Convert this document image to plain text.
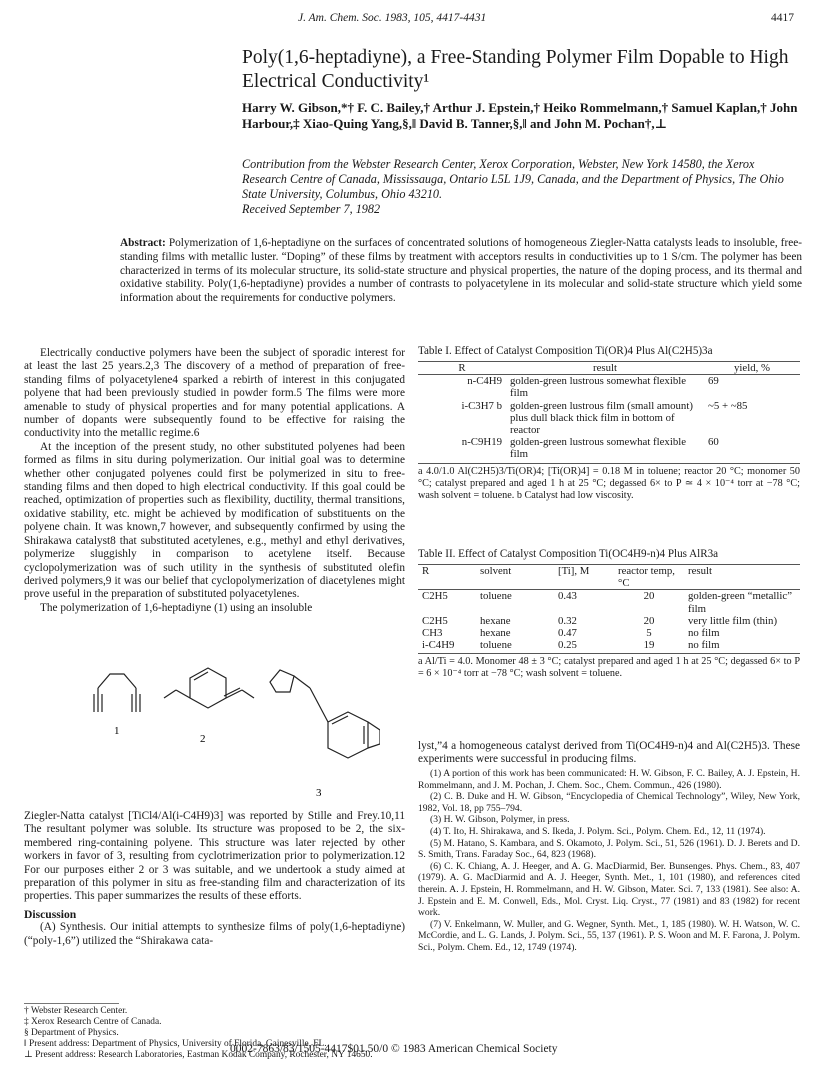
J. Am. Chem. Soc. 1983, 105, 4417-4431	4417
Poly(1,6-heptadiyne), a Free-Standing Polymer Film Dopable to High Electrical Conductivity¹
Harry W. Gibson,*† F. C. Bailey,† Arthur J. Epstein,† Heiko Rommelmann,† Samuel Kaplan,† John Harbour,‡ Xiao-Quing Yang,§,ǁ David B. Tanner,§,ǁ and John M. Pochan†,⊥
Contribution from the Webster Research Center, Xerox Corporation, Webster, New York 14580, the Xerox Research Centre of Canada, Mississauga, Ontario L5L 1J9, Canada, and the Department of Physics, The Ohio State University, Columbus, Ohio 43210.
Received September 7, 1982
Abstract: Polymerization of 1,6-heptadiyne on the surfaces of concentrated solutions of homogeneous Ziegler-Natta catalysts leads to insoluble, free-standing films with metallic luster. “Doping” of these films by treatment with acceptors results in conductivities up to 1 S/cm. The polymer has been characterized in terms of its molecular structure, its solid-state structure and physical properties, the nature of the doping process, and its thermal and oxidative stability. Poly(1,6-heptadiyne) provides a number of contrasts to polyacetylene in its molecular and solid-state structure which yield some information about the requirements for conductive polymers.

Electrically conductive polymers have been the subject of sporadic interest for at least the last 25 years.2,3 The discovery of a method of preparation of free-standing films of polyacetylene4 sparked a rebirth of interest in this conjugated polyene that had been previously studied in powder form.5 The films were more amenable to study of physical properties and for many potential applications. A number of dopants were subsequently found to be effective for raising the conductivity into the metallic regime.6

At the inception of the present study, no other substituted polyenes had been formed as films in situ during polymerization. Our initial goal was to determine whether other conjugated polyenes could first be polymerized in situ to free-standing films and then doped to high electrical conductivity. If this goal could be reached, optimization of properties such as flexibility, ductility, thermal transitions, oxidative stability, etc. might be achieved by modification of substituents on the polyene chain. It was known,7 however, and subsequently confirmed by using the Shirakawa catalyst8 that substituted acetylenes, e.g., methyl and ethyl derivatives, polymerize sluggishly in comparison to acetylene itself. Because cyclopolymerization was of such utility in the synthesis of substituted olefin derived polymers,9 it was our belief that cyclopolymerization of diacetylenes might prove useful in the preparation of substituted polyacetylenes.

The polymerization of 1,6-heptadiyne (1) using an insoluble

1
2
3

Ziegler-Natta catalyst [TiCl4/Al(i-C4H9)3] was reported by Stille and Frey.10,11 The resultant polymer was soluble. Its structure was proposed to be 2, the six-membered ring-containing polyene. This structure was later rejected by other workers in favor of 3, resulting from cyclotrimerization prior to polymerization.12 For our purposes either 2 or 3 was suitable, and we undertook a study aimed at preparation of this polymer in situ as free-standing film and characterization of its properties. This paper summarizes the results of these efforts.

Discussion

(A) Synthesis. Our initial attempts to synthesize films of poly(1,6-heptadiyne) (“poly-1,6”) utilized the “Shirakawa cata-

† Webster Research Center.
‡ Xerox Research Centre of Canada.
§ Department of Physics.
ǁ Present address: Department of Physics, University of Florida, Gainesville, FL.
⊥ Present address: Research Laboratories, Eastman Kodak Company, Rochester, NY 14650.
Table I. Effect of Catalyst Composition Ti(OR)4 Plus Al(C2H5)3a
R	result	yield, %
n-C4H9	golden-green lustrous somewhat flexible film	69
i-C3H7 b	golden-green lustrous film (small amount) plus dull black thick film in bottom of reactor	~5 + ~85
n-C9H19	golden-green lustrous somewhat flexible film	60
a 4.0/1.0 Al(C2H5)3/Ti(OR)4; [Ti(OR)4] = 0.18 M in toluene; reactor 20 °C; monomer 50 °C; catalyst prepared and aged 1 h at 25 °C; degassed 6× to P ≃ 4 × 10⁻⁴ torr at −78 °C; wash solvent = toluene. b Catalyst had low viscosity.
Table II. Effect of Catalyst Composition Ti(OC4H9-n)4 Plus AlR3a
R	solvent	[Ti], M	reactor temp, °C	result
C2H5	toluene	0.43	20	golden-green “metallic” film
C2H5	hexane	0.32	20	very little film (thin)
CH3	hexane	0.47	5	no film
i-C4H9	toluene	0.25	19	no film
a Al/Ti = 4.0. Monomer 48 ± 3 °C; catalyst prepared and aged 1 h at 25 °C; degassed 6× to P = 6 × 10⁻⁴ torr at −78 °C; wash solvent = toluene.
lyst,”4 a homogeneous catalyst derived from Ti(OC4H9-n)4 and Al(C2H5)3. These experiments were successful in producing films.
(1) A portion of this work has been communicated: H. W. Gibson, F. C. Bailey, A. J. Epstein, H. Rommelmann, and J. M. Pochan, J. Chem. Soc., Chem. Commun., 426 (1980).
(2) C. B. Duke and H. W. Gibson, “Encyclopedia of Chemical Technology”, Wiley, New York, 1982, Vol. 18, pp 755–794.
(3) H. W. Gibson, Polymer, in press.
(4) T. Ito, H. Shirakawa, and S. Ikeda, J. Polym. Sci., Polym. Chem. Ed., 12, 11 (1974).
(5) M. Hatano, S. Kambara, and S. Okamoto, J. Polym. Sci., 51, 526 (1961). D. J. Berets and D. S. Smith, Trans. Faraday Soc., 64, 823 (1968).
(6) C. K. Chiang, A. J. Heeger, and A. G. MacDiarmid, Ber. Bunsenges. Phys. Chem., 83, 407 (1979). A. G. MacDiarmid and A. J. Heeger, Synth. Met., 1, 101 (1980), and references cited therein. A. J. Epstein, H. Rommelmann, and H. W. Gibson, Mater. Sci. 7, 133 (1981). See also: A. J. Epstein and E. M. Conwell, Eds., Mol. Cryst. Liq. Cryst., 77 (1981) and 83 (1982) for recent work.
(7) V. Enkelmann, W. Muller, and G. Wegner, Synth. Met., 1, 185 (1980). W. H. Watson, W. C. McCordie, and L. G. Lands, J. Polym. Sci., 55, 137 (1961). P. S. Woon and M. F. Farona, J. Polym. Sci., Polym. Chem. Ed., 12, 1749 (1974).
0002-7863/83/1505-4417$01.50/0 © 1983 American Chemical Society
